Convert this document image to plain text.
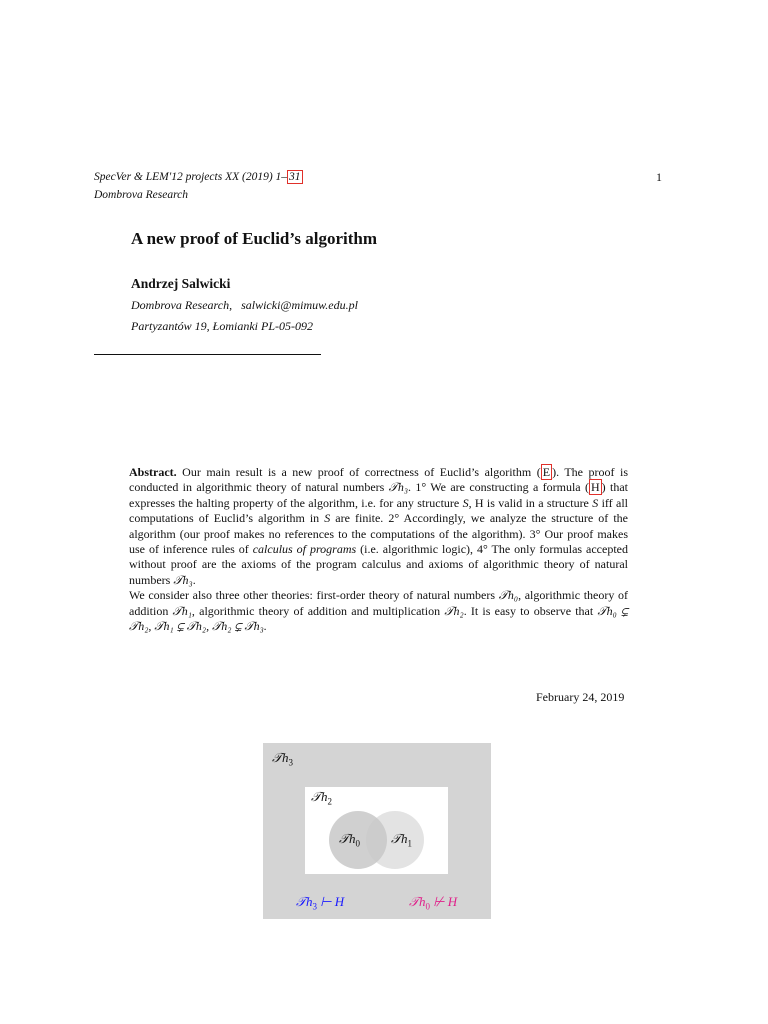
SpecVer & LEM'12 projects XX (2019) 1– 31
Dombrova Research
1
A new proof of Euclid’s algorithm
Andrzej Salwicki
Dombrova Research, salwicki@mimuw.edu.pl
Partyzantów 19, Łomianki PL-05-092

Abstract. Our main result is a new proof of correctness of Euclid’s algorithm ( E ). The proof is conducted in algorithmic theory of natural numbers 𝒯h₃. 1° We are constructing a formula ( H ) that expresses the halting property of the algorithm, i.e. for any structure S, H is valid in a structure S iff all computations of Euclid’s algorithm in S are finite. 2° Accordingly, we analyze the structure of the algorithm (our proof makes no references to the computations of the algorithm). 3° Our proof makes use of inference rules of calculus of programs (i.e. algorithmic logic), 4° The only formulas accepted without proof are the axioms of the program calculus and axioms of algorithmic theory of natural numbers 𝒯h₃.

We consider also three other theories: first-order theory of natural numbers 𝒯h₀, algorithmic theory of addition 𝒯h₁, algorithmic theory of addition and multiplication 𝒯h₂. It is easy to observe that 𝒯h₀ ⊊ 𝒯h₂, 𝒯h₁ ⊊ 𝒯h₂, 𝒯h₂ ⊊ 𝒯h₃.

February 24, 2019
𝒯h$_3$
𝒯h$_2$
𝒯h$_0$ 𝒯h$_1$
𝒯h$_3$ ⊢ H	𝒯h$_0$ ⊬ H
